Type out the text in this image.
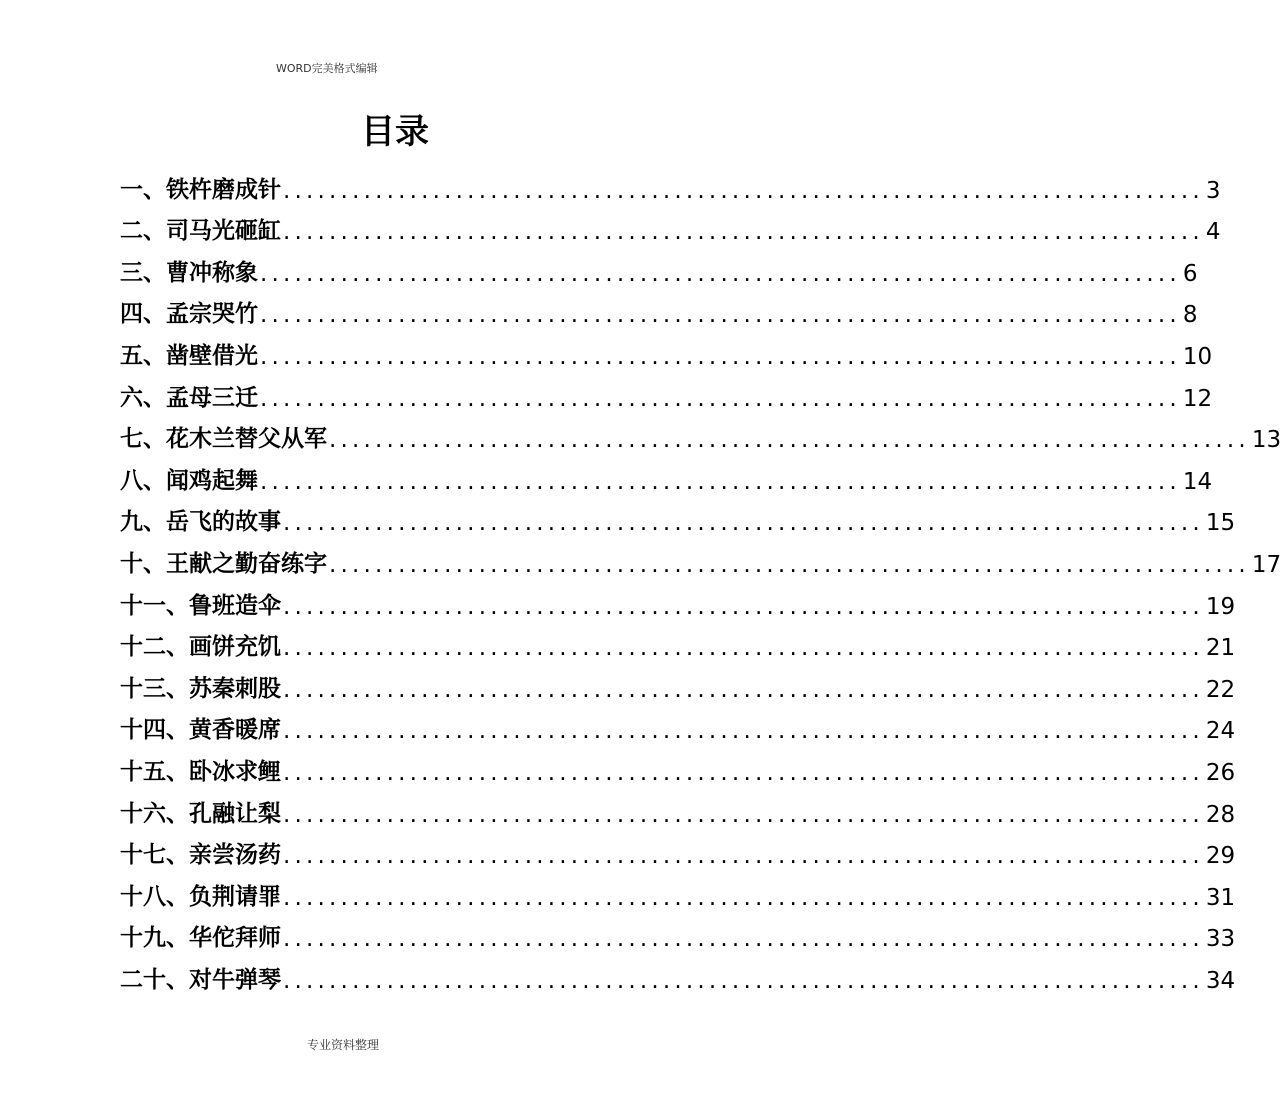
WORD完美格式编辑
目录
一、铁杵磨成针 ................................................................................ 3
二、司马光砸缸 ................................................................................ 4
三、曹冲称象 ................................................................................ 6
四、孟宗哭竹 ................................................................................ 8
五、凿壁借光 ................................................................................ 10
六、孟母三迁 ................................................................................ 12
七、花木兰替父从军 ................................................................................ 13
八、闻鸡起舞 ................................................................................ 14
九、岳飞的故事 ................................................................................ 15
十、王献之勤奋练字 ................................................................................ 17
十一、鲁班造伞 ................................................................................ 19
十二、画饼充饥 ................................................................................ 21
十三、苏秦刺股 ................................................................................ 22
十四、黄香暖席 ................................................................................ 24
十五、卧冰求鲤 ................................................................................ 26
十六、孔融让梨 ................................................................................ 28
十七、亲尝汤药 ................................................................................ 29
十八、负荆请罪 ................................................................................ 31
十九、华佗拜师 ................................................................................ 33
二十、对牛弹琴 ................................................................................ 34
专业资料整理
